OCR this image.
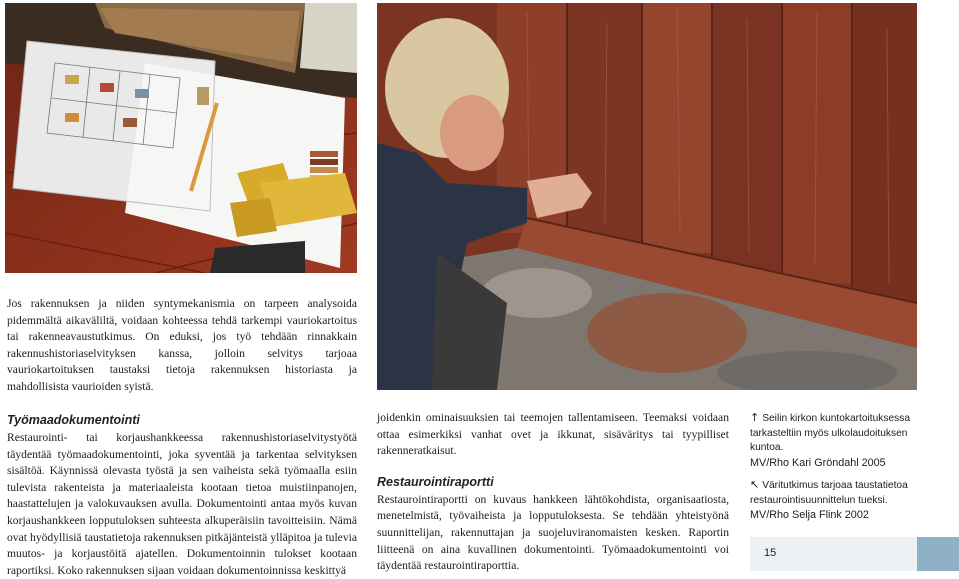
Jos rakennuksen ja niiden syntymekanismia on tarpeen analysoida pidemmältä aikaväliltä, voidaan kohteessa tehdä tarkempi vauriokartoitus tai rakenneavaustutkimus. On eduksi, jos työ tehdään rinnakkain rakennushistoriaselvityksen kanssa, jolloin selvitys tarjoaa vauriokartoituksen taustaksi tietoja rakennuksen historiasta ja mahdollisista vaurioiden syistä.

Työmaadokumentointi

Restaurointi- tai korjaushankkeessa rakennushistoriaselvitystyötä täydentää työmaadokumentointi, joka syventää ja tarkentaa selvityksen sisältöä. Käynnissä olevasta työstä ja sen vaiheista sekä työmaalla esiin tulevista rakenteista ja materiaaleista kootaan tietoa muistiinpanojen, haastattelujen ja valokuvauksen avulla. Dokumentointi antaa myös kuvan korjaushankkeen lopputuloksen suhteesta alkuperäisiin tavoitteisiin. Nämä ovat hyödyllisiä taustatietoja rakennuksen pitkäjänteistä ylläpitoa ja tulevia muutos- ja korjaustöitä ajatellen. Dokumentoinnin tulokset kootaan raportiksi. Koko rakennuksen sijaan voidaan dokumentoinnissa keskittyä

joidenkin ominaisuuksien tai teemojen tallentamiseen. Teemaksi voidaan ottaa esimerkiksi vanhat ovet ja ikkunat, sisäväritys tai tyypilliset rakenneratkaisut.

Restaurointiraportti

Restaurointiraportti on kuvaus hankkeen lähtökohdista, organisaatiosta, menetelmistä, työvaiheista ja lopputuloksesta. Se tehdään yhteistyönä suunnittelijan, rakennuttajan ja suojeluviranomaisten kesken. Raportin liitteenä on aina kuvallinen dokumentointi. Työmaadokumentointi voi täydentää restaurointiraporttia.

↑ Seilin kirkon kuntokartoituksessa
tarkasteltiin myös ulkolaudoituksen
kuntoa.
MV/Rho Kari Gröndahl 2005
↖ Väritutkimus tarjoaa taustatietoa
restaurointisuunnittelun tueksi.
MV/Rho Selja Flink 2002
15
